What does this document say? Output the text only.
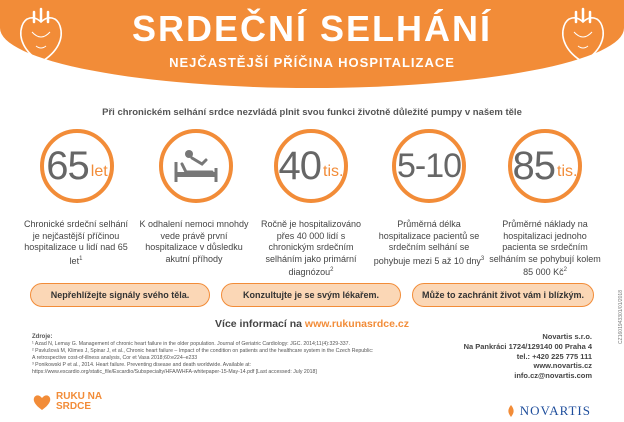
SRDEČNÍ SELHÁNÍ
NEJČASTĚJŠÍ PŘÍČINA HOSPITALIZACE
Při chronickém selhání srdce nezvládá plnit svou funkci životně důležité pumpy v našem těle
65 let	40 tis. 5-10 85 tis.
Chronické srdeční selhání je nejčastější příčinou hospitalizace u lidí nad 65 let$^1$
K odhalení nemoci mnohdy vede právě první hospitalizace v důsledku akutní příhody
Ročně je hospitalizováno přes 40 000 lidí s chronickým srdečním selháním jako primární diagnózou$^2$
Průměrná délka hospitalizace pacientů se srdečním selhání se pohybuje mezi 5 až 10 dny$^3$
Průměrné náklady na hospitalizaci jednoho pacienta se srdečním selháním se pohybují kolem 85 000 $Kč^2$
Nepřehlížejte signály svého těla.	Konzultujte je se svým lékařem.	Může to zachránit život vám i blízkým.
Více informací na www.rukunasrdce.cz
Zdroje:
¹ Azad N, Lemay G. Management of chronic heart failure in the older population. Journal of Geriatric Cardiology: JGC. 2014;11(4):329-337.
² Pavlušová M, Klimes J, Spinar J, et al., Chronic heart failure – Impact of the condition on patients and the healthcare system in the Czech Republic:
A retrospective cost-of-illness analysis, Cor et Vasa 2018;60:e224–e233
³ Ponikowski P et al., 2014. Heart failure. Preventing disease and death worldwide. Available at:
https://www.escardio.org/static_file/Escardio/Subspecialty/HFA/WHFA-whitepaper-15-May-14.pdf [Last accessed: July 2018]
Novartis s.r.o.
Na Pankráci 1724/129140 00 Praha 4
tel.: +420 225 775 111
www.novartis.cz
info.cz@novartis.com
CZ1601943301/01/2018
RUKU NA
SRDCE	NOVARTIS
